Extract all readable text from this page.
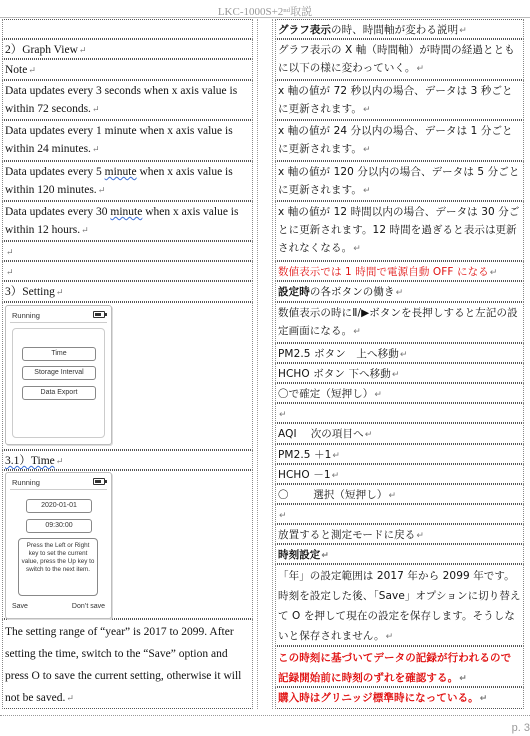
LKC-1000S+2ⁿᵈ取説
2）Graph View↵
Note↵
Data updates every 3 seconds when x axis value is within 72 seconds.↵
Data updates every 1 minute when x axis value is within 24 minutes.↵
Data updates every 5 minute when x axis value is within 120 minutes.↵
Data updates every 30 minute when x axis value is within 12 hours.↵
↵
↵
3）Setting↵
3.1）Time↵
The setting range of “year” is 2017 to 2099. After setting the time, switch to the “Save” option and press O to save the current setting, otherwise it will not be saved.↵
Running
Time
Storage Interval
Data Export
Running
2020-01-01
09:30:00
Press the Left or Right key to set the current value, press the Up key to switch to the next item.
Save	Don’t save
グラフ表示の時、時間軸が変わる説明↵
グラフ表示の X 軸（時間軸）が時間の経過とともに以下の様に変わっていく。↵
x 軸の値が 72 秒以内の場合、データは 3 秒ごとに更新されます。↵
x 軸の値が 24 分以内の場合、データは 1 分ごとに更新されます。↵
x 軸の値が 120 分以内の場合、データは 5 分ごとに更新されます。↵
x 軸の値が 12 時間以内の場合、データは 30 分ごとに更新されます。12 時間を過ぎると表示は更新されなくなる。↵
数値表示では 1 時間で電源自動 OFF になる↵
設定時の各ボタンの働き↵
数値表示の時にⅡ/▶ボタンを長押しすると左記の設定画面になる。↵
PM2.5 ボタン　上へ移動↵
HCHO ボタン 下へ移動↵
〇で確定（短押し）↵
↵
AQI　 次の項目へ↵
PM2.5 ＋1↵
HCHO －1↵
〇　　 選択（短押し）↵
↵
放置すると測定モードに戻る↵
時刻設定↵
「年」の設定範囲は 2017 年から 2099 年です。時刻を設定した後、「Save」オプションに切り替えて O を押して現在の設定を保存します。そうしないと保存されません。↵
この時刻に基づいてデータの記録が行われるので記録開始前に時刻のずれを確認する。↵
購入時はグリニッジ標準時になっている。↵
p. 3
